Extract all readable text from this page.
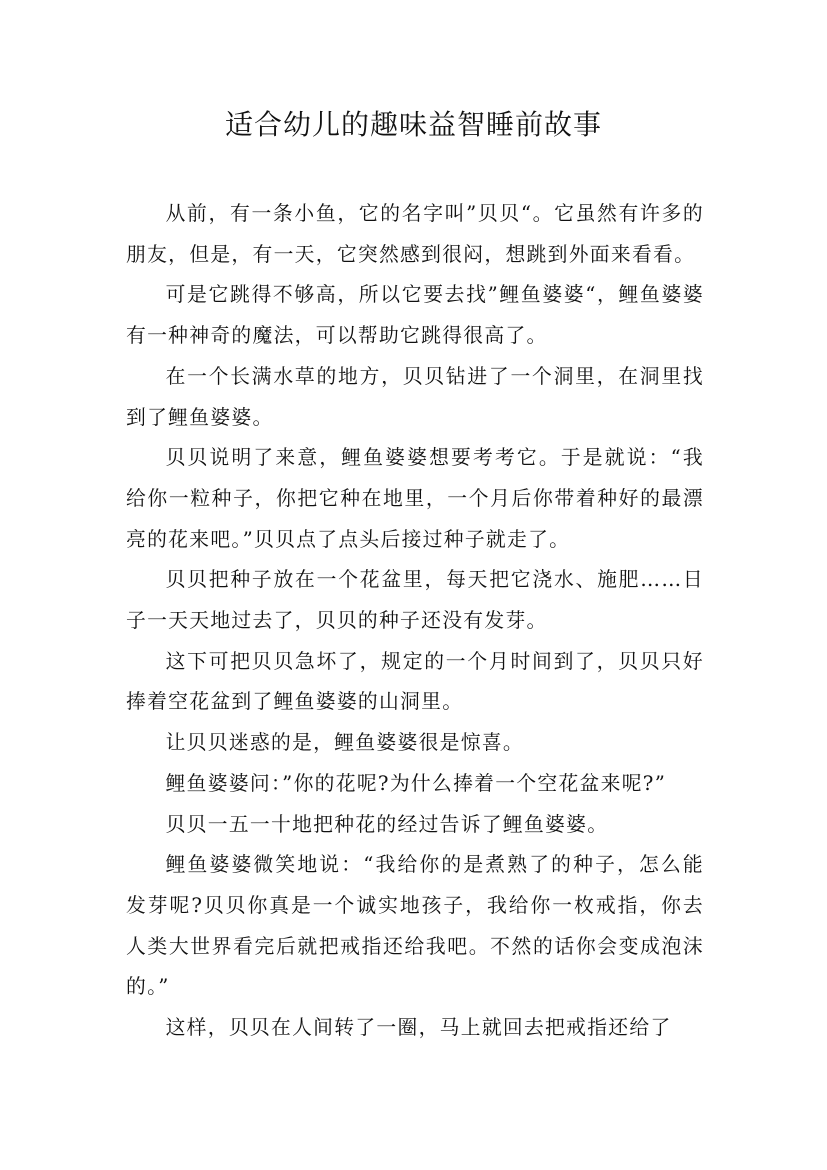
适合幼儿的趣味益智睡前故事

从前，有一条小鱼，它的名字叫”贝贝“。它虽然有许多的朋友，但是，有一天，它突然感到很闷，想跳到外面来看看。

可是它跳得不够高，所以它要去找”鲤鱼婆婆“，鲤鱼婆婆有一种神奇的魔法，可以帮助它跳得很高了。

在一个长满水草的地方，贝贝钻进了一个洞里，在洞里找到了鲤鱼婆婆。

贝贝说明了来意，鲤鱼婆婆想要考考它。于是就说：“我给你一粒种子，你把它种在地里，一个月后你带着种好的最漂亮的花来吧。”贝贝点了点头后接过种子就走了。

贝贝把种子放在一个花盆里，每天把它浇水、施肥……日子一天天地过去了，贝贝的种子还没有发芽。

这下可把贝贝急坏了，规定的一个月时间到了，贝贝只好捧着空花盆到了鲤鱼婆婆的山洞里。

让贝贝迷惑的是，鲤鱼婆婆很是惊喜。

鲤鱼婆婆问：”你的花呢?为什么捧着一个空花盆来呢?”

贝贝一五一十地把种花的经过告诉了鲤鱼婆婆。

鲤鱼婆婆微笑地说：“我给你的是煮熟了的种子，怎么能发芽呢?贝贝你真是一个诚实地孩子，我给你一枚戒指，你去人类大世界看完后就把戒指还给我吧。不然的话你会变成泡沫的。”

这样，贝贝在人间转了一圈，马上就回去把戒指还给了
